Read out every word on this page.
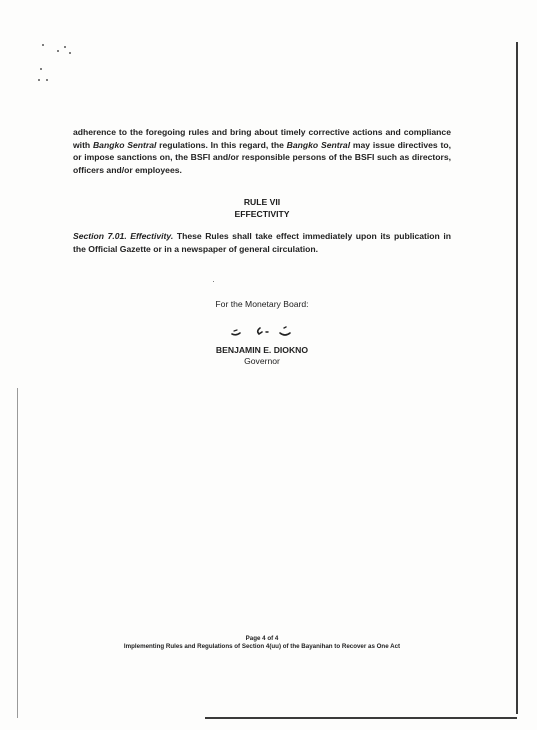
adherence to the foregoing rules and bring about timely corrective actions and compliance with Bangko Sentral regulations. In this regard, the Bangko Sentral may issue directives to, or impose sanctions on, the BSFI and/or responsible persons of the BSFI such as directors, officers and/or employees.

RULE VII
EFFECTIVITY

Section 7.01. Effectivity. These Rules shall take effect immediately upon its publication in the Official Gazette or in a newspaper of general circulation.

For the Monetary Board:
BENJAMIN E. DIOKNO
Governor
Page 4 of 4
Implementing Rules and Regulations of Section 4(uu) of the Bayanihan to Recover as One Act
